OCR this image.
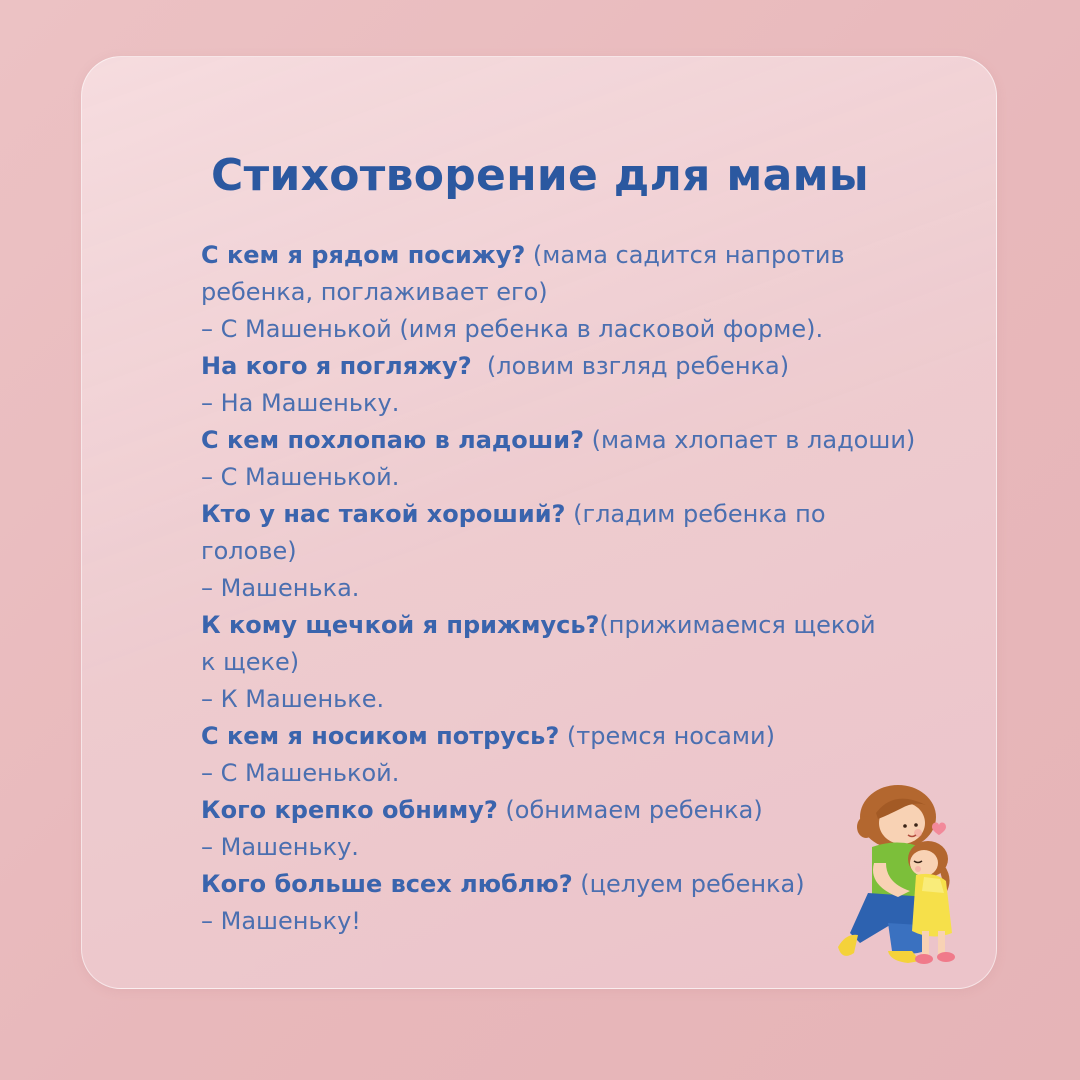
Стихотворение для мамы
С кем я рядом посижу? (мама садится напротив
ребенка, поглаживает его)
– С Машенькой (имя ребенка в ласковой форме).
На кого я погляжу?  (ловим взгляд ребенка)
– На Машеньку.
С кем похлопаю в ладоши? (мама хлопает в ладоши)
– С Машенькой.
Кто у нас такой хороший? (гладим ребенка по
голове)
– Машенька.
К кому щечкой я прижмусь?(прижимаемся щекой
к щеке)
– К Машеньке.
С кем я носиком потрусь? (тремся носами)
– С Машенькой.
Кого крепко обниму? (обнимаем ребенка)
– Машеньку.
Кого больше всех люблю? (целуем ребенка)
– Машеньку!
